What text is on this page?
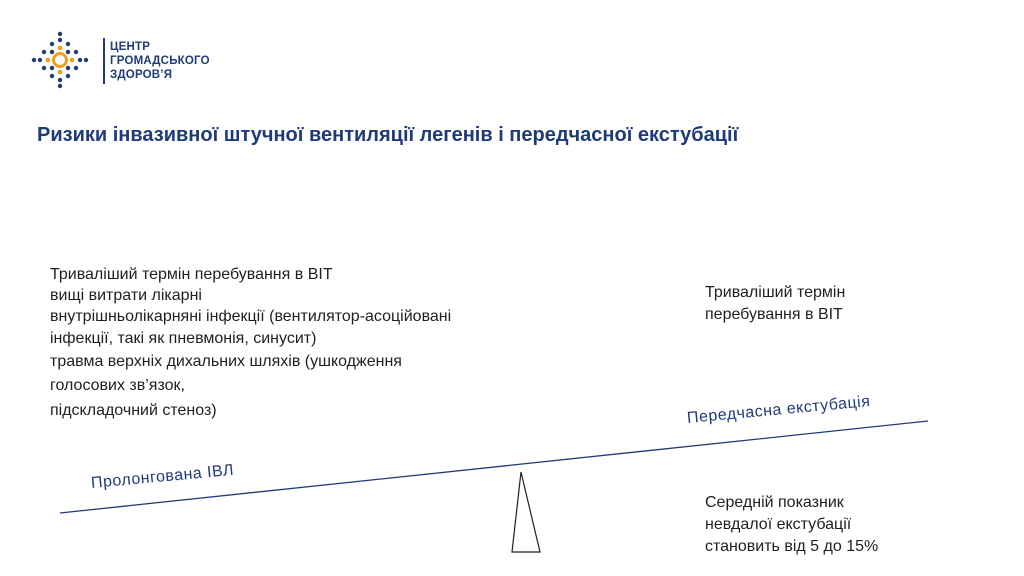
ЦЕНТР
ГРОМАДСЬКОГО
ЗДОРОВ’Я
Ризики інвазивної штучної вентиляції легенів і передчасної екстубації
Триваліший термін перебування в ВІТ
вищі витрати лікарні
внутрішньолікарняні інфекції (вентилятор-асоційовані
інфекції, такі як пневмонія, синусит)
травма верхніх дихальних шляхів (ушкодження
голосових зв’язок,
підскладочний стеноз)
Триваліший термін
перебування в ВІТ
Середній показник
невдалої екстубації
становить від 5 до 15%
Пролонгована ІВЛ
Передчасна екстубація
